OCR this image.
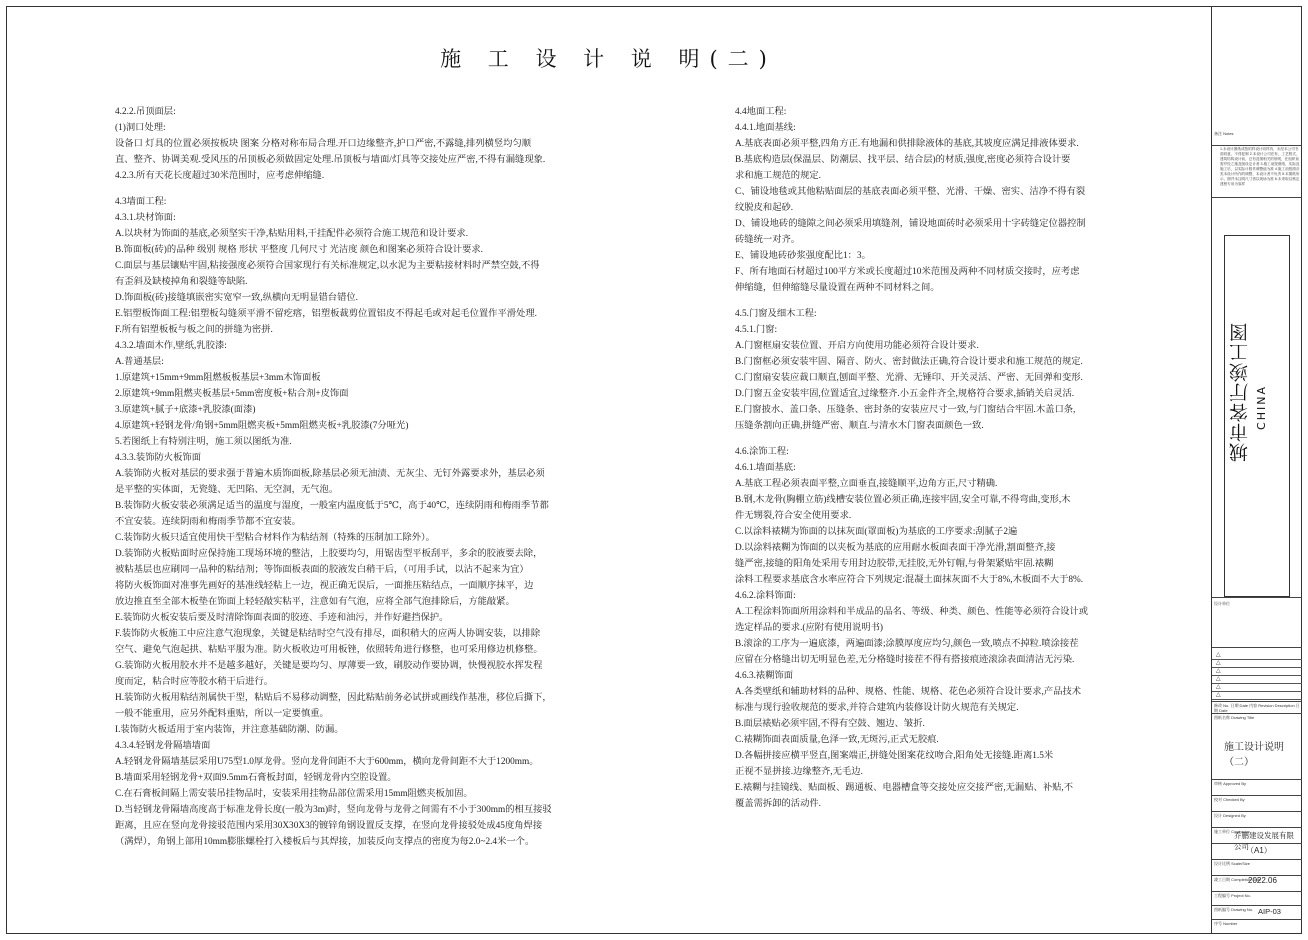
施 工 设 计 说 明(二)
4.2.2.吊顶面层:
(1)洞口处理:
设备口 灯具的位置必须按板块 图案 分格对称布局合理.开口边缘整齐,护口严密,不露缝,排列横竖均匀顺
直、整齐、协调美观.受风压的吊顶板必须做固定处理.吊顶板与墙面/灯具等交接处应严密,不得有漏缝现象.
4.2.3.所有天花长度超过30米范围时，应考虑伸缩缝.
4.3墙面工程:
4.3.1.块材饰面:
A.以块材为饰面的基底,必须坚实干净,粘贴用料,干挂配件必须符合施工规范和设计要求.
B.饰面板(砖)的品种 级别 规格 形状 平整度 几何尺寸 光洁度 颜色和图案必须符合设计要求.
C.面层与基层镶贴牢固,粘接强度必须符合国家现行有关标准规定,以水泥为主要粘接材料时严禁空鼓,不得
有歪斜及缺棱掉角和裂缝等缺陷.
D.饰面板(砖)接缝填嵌密实宽窄一致,纵横向无明显错台错位.
E.铝塑板饰面工程:铝塑板勾缝须平滑不留疙瘩，铝塑板裁剪位置铝皮不得起毛或对起毛位置作平滑处理.
F.所有铝塑板板与板之间的拼缝为密拼.
4.3.2.墙面木作,壁纸,乳胶漆:
A.普通基层:
1.原建筑+15mm+9mm阻燃板板基层+3mm木饰面板
2.原建筑+9mm阻燃夹板基层+5mm密度板+粘合剂+皮饰面
3.原建筑+腻子+底漆+乳胶漆(面漆)
4.原建筑+轻钢龙骨/角钢+5mm阻燃夹板+5mm阻燃夹板+乳胶漆(7分哑光)
5.若图纸上有特别注明，施工须以图纸为准.
4.3.3.装饰防火板饰面
A.装饰防火板对基层的要求强于普遍木质饰面板,除基层必须无油渍、无灰尘、无钉外露要求外，基层必须
是平整的实体面，无瓷缝、无凹陷、无空洞，无气泡。
B.装饰防火板安装必须满足适当的温度与湿度，一般室内温度低于5℃，高于40℃，连续阴雨和梅雨季节都
不宜安装。连续阴雨和梅雨季节都不宜安装。
C.装饰防火板只适宜使用快干型粘合材料作为粘结剂（特殊的压制加工除外）。
D.装饰防火板贴面时应保持施工现场环境的整洁，上胶要均匀，用锯齿型平板刮平，多余的胶液要去除，
被粘基层也应刷同一品种的粘结剂；等饰面板表面的胶液发白稍干后，（可用手试，以沾不起来为宜）
将防火板饰面对准事先画好的基准线轻粘上一边，视正确无误后，一面推压粘结点，一面顺序抹平，边
放边推直至全部木板垫在饰面上轻轻敲实粘平，注意如有气泡，应将全部气泡排除后，方能敲紧。
E.装饰防火板安装后要及时清除饰面表面的胶迹、手迹和油污，并作好避挡保护。
F.装饰防火板施工中应注意气泡现象，关键是粘结时空气没有排尽，面积稍大的应两人协调安装，以排除
空气、避免气泡起拱、粘贴平服为准。防火板收边可用板锉，依照转角进行修整，也可采用修边机修整。
G.装饰防火板用胶水并不是越多越好，关键是要均匀、厚薄要一致，刷胶动作要协调，快慢视胶水挥发程
度而定，粘合时应等胶水稍干后进行。
H.装饰防火板用粘结剂属快干型，粘贴后不易移动调整，因此粘贴前务必试拼或画线作基准，移位后撕下，
一般不能重用，应另外配料重贴，所以一定要慎重。
I.装饰防火板适用于室内装饰，并注意基础防潮、防漏。
4.3.4.轻钢龙骨隔墙墙面
A.轻钢龙骨隔墙基层采用U75型1.0厚龙骨。竖向龙骨间距不大于600mm，横向龙骨间距不大于1200mm。
B.墙面采用轻钢龙骨+双面9.5mm石膏板封面，轻钢龙骨内空腔设置。
C.在石膏板间隔上需安装吊挂物品时，安装采用挂物品部位需采用15mm阻燃夹板加固。
D.当轻钢龙骨隔墙高度高于标准龙骨长度(一般为3m)时，竖向龙骨与龙骨之间需有不小于300mm的相互接驳
距离，且应在竖向龙骨接驳范围内采用30X30X3的镀锌角钢设置反支撑，在竖向龙骨接驳处成45度角焊接
（满焊），角钢上部用10mm膨胀螺栓打入楼板后与其焊接，加装反向支撑点的密度为每2.0~2.4米一个。
4.4地面工程:
4.4.1.地面基线:
A.基底表面必须平整,四角方正.有地漏和供排除液体的基底,其坡度应满足排液体要求.
B.基底构造层(保温层、防潮层、找平层、结合层)的材质,强度,密度必须符合设计要
求和施工规范的规定.
C、铺设地毯或其他粘贴面层的基底表面必须平整、光滑、干燥、密实、洁净不得有裂
纹脱皮和起砂.
D、铺设地砖的缝隙之间必须采用填缝剂，铺设地面砖时必须采用十字砖缝定位器控制
砖缝统一对齐。
E、铺设地砖砂浆强度配比1：3。
F、所有地面石材超过100平方米或长度超过10米范围及两种不同材质交接时，应考虑
伸缩缝，但伸缩缝尽量设置在两种不同材料之间。
4.5.门窗及细木工程:
4.5.1.门窗:
A.门窗框扇安装位置、开启方向使用功能必须符合设计要求.
B.门窗框必须安装牢固、隔音、防火、密封做法正确,符合设计要求和施工规范的规定.
C.门窗扇安装应裁口顺直,刨面平整、光滑、无锤印、开关灵活、严密、无回弹和变形.
D.门窗五金安装牢固,位置适宜,过缘整齐.小五金件齐全,规格符合要求,插销关启灵活.
E.门窗披水、盖口条、压缝条、密封条的安装应尺寸一致,与门窗结合牢固.木盖口条,
压缝条割向正确,拼缝严密、顺直.与清水木门窗表面颜色一致.
4.6.涂饰工程:
4.6.1.墙面基底:
A.基底工程必须表面平整,立面垂直,接缝顺平,边角方正,尺寸精确.
B.钢,木龙骨(胸棚立筋)线槽安装位置必须正确,连接牢固,安全可靠,不得弯曲,变形,木
件无甥裂,符合安全使用要求.
C.以涂料裱糊为饰面的以抹灰面(罩面板)为基底的工序要求:刮腻子2遍
D.以涂料裱糊为饰面的以夹板为基底的应用耐水板面表面干净光滑,割面整齐,接
缝严密,接缝的阳角处采用专用封边胶带,无挂胶,无外钉帽,与骨架紧贴牢固.裱糊
涂料工程要求基底含水率应符合下列规定:混凝土面抹灰面不大于8%,木板面不大于8%.
4.6.2.涂料饰面:
A.工程涂料饰面所用涂料和半成品的品名、等级、种类、颜色、性能等必须符合设计或
选定样品的要求.(应附有使用说明书)
B.滚涂的工序为一遍底漆，两遍面漆;涂膜厚度应均匀,颜色一致,喷点不掉粒.喷涂接茬
应留在分格缝出切无明显色差,无分格缝时接茬不得有搭接痕迹滚涂表面清洁无污染.
4.6.3.裱糊饰面
A.各类壁纸和辅助材料的品种、规格、性能、规格、花色必须符合设计要求,产品技术
标准与现行验收规范的要求,并符合建筑内装修设计防火规范有关规定.
B.面层裱贴必须牢固,不得有空鼓、翘边、皱折.
C.裱糊饰面表面质量,色泽一致,无斑污,正式无胶痕.
D.各幅拼接应横平竖直,图案端正,拼缝处图案花纹吻合,阳角处无接缝.距离1.5米
正视不显拼接.边缘整齐,无毛边.
E.裱糊与挂镜线、贴面板、踢通板、电器槽盒等交接处应交接严密,无漏贴、补贴,不
覆盖需拆卸的活动件.
备注 Notes
1.未设计图纸或按的样设计同样有，未经本公司书面同意，不得复制 2.本设计公司在有，工艺程式，建筑结构设计前，总有及图相关的细则，在组织前需并经之施及版设定计者 3.施工前按图纸，实际及施工后，以实际计数作调整值为准 4.施工前按照各类本设计所作的调整，本设计者不负责 5.本图纸所示，图并未注明尺寸者以现场为准 6.未采取以核定建程专用为原样
城市客厅竣工图 CHINA
设计单位
△
△
△
△
△
△
修改 No. 日期 Date 内容 Revision Description 日期 Date
图纸名称 Drawing Title
施工设计说明（二）
审核 Approved By
校对 Checked By
设计 Designed By
施工单位 Contractor
乔鹏建设发展有限公司
（A1）
设计比例 Scale/Size
竣工日期 Completion Date
2022.06
工程编号 Project No.
图纸编号 Drawing No. AIP-03
序号 Number
